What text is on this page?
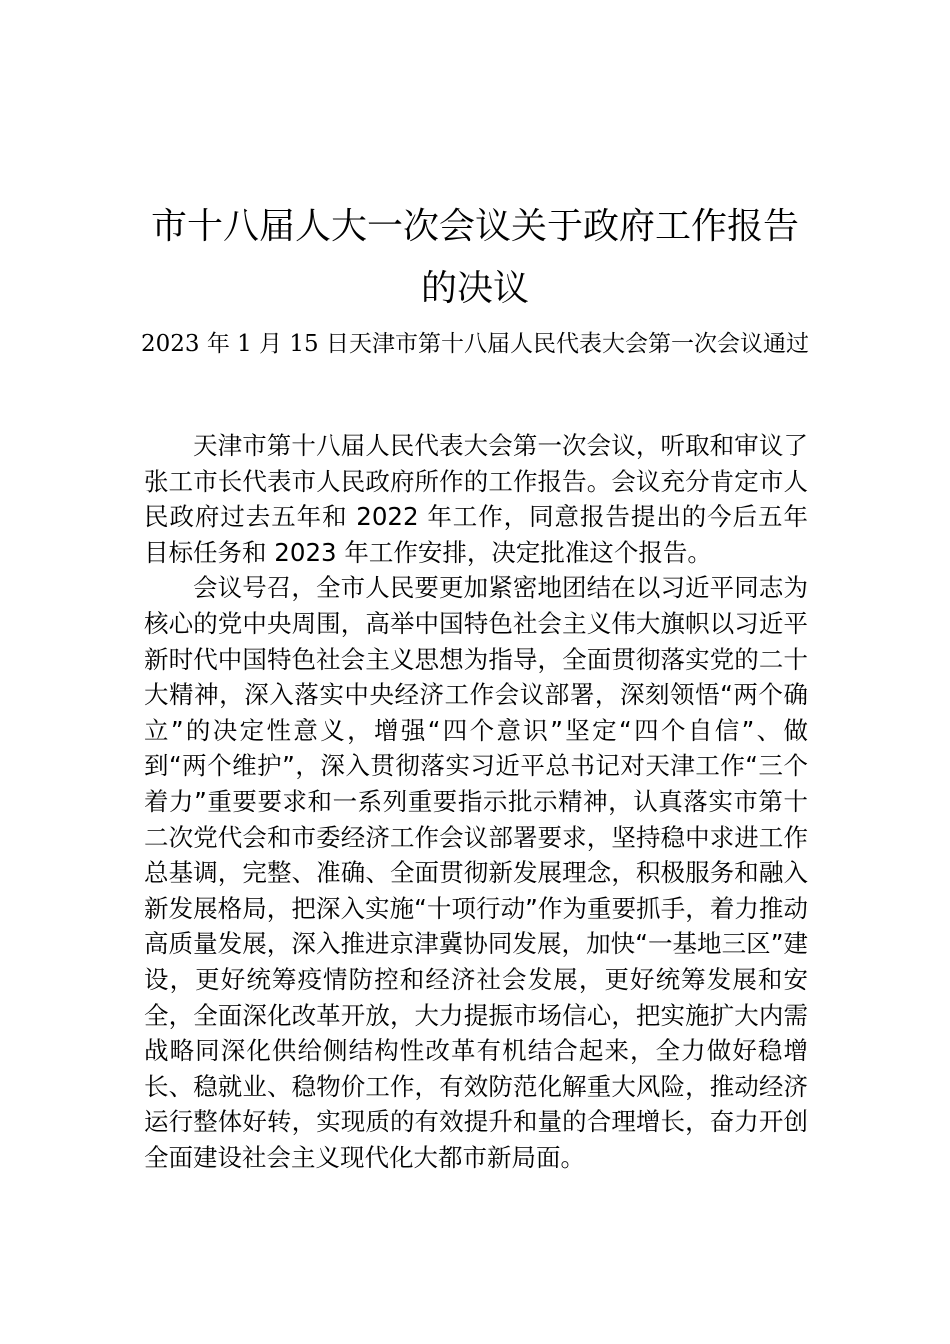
市十八届人大一次会议关于政府工作报告的决议
2023 年 1 月 15 日天津市第十八届人民代表大会第一次会议通过

天津市第十八届人民代表大会第一次会议，听取和审议了张工市长代表市人民政府所作的工作报告。会议充分肯定市人民政府过去五年和 2022 年工作，同意报告提出的今后五年目标任务和 2023 年工作安排，决定批准这个报告。

会议号召，全市人民要更加紧密地团结在以习近平同志为核心的党中央周围，高举中国特色社会主义伟大旗帜以习近平新时代中国特色社会主义思想为指导，全面贯彻落实党的二十大精神，深入落实中央经济工作会议部署，深刻领悟“两个确立”的决定性意义，增强“四个意识”坚定“四个自信”、做到“两个维护”，深入贯彻落实习近平总书记对天津工作“三个着力”重要要求和一系列重要指示批示精神，认真落实市第十二次党代会和市委经济工作会议部署要求，坚持稳中求进工作总基调，完整、准确、全面贯彻新发展理念，积极服务和融入新发展格局，把深入实施“十项行动”作为重要抓手，着力推动高质量发展，深入推进京津冀协同发展，加快“一基地三区”建设，更好统筹疫情防控和经济社会发展，更好统筹发展和安全，全面深化改革开放，大力提振市场信心，把实施扩大内需战略同深化供给侧结构性改革有机结合起来，全力做好稳增长、稳就业、稳物价工作，有效防范化解重大风险，推动经济运行整体好转，实现质的有效提升和量的合理增长，奋力开创全面建设社会主义现代化大都市新局面。
